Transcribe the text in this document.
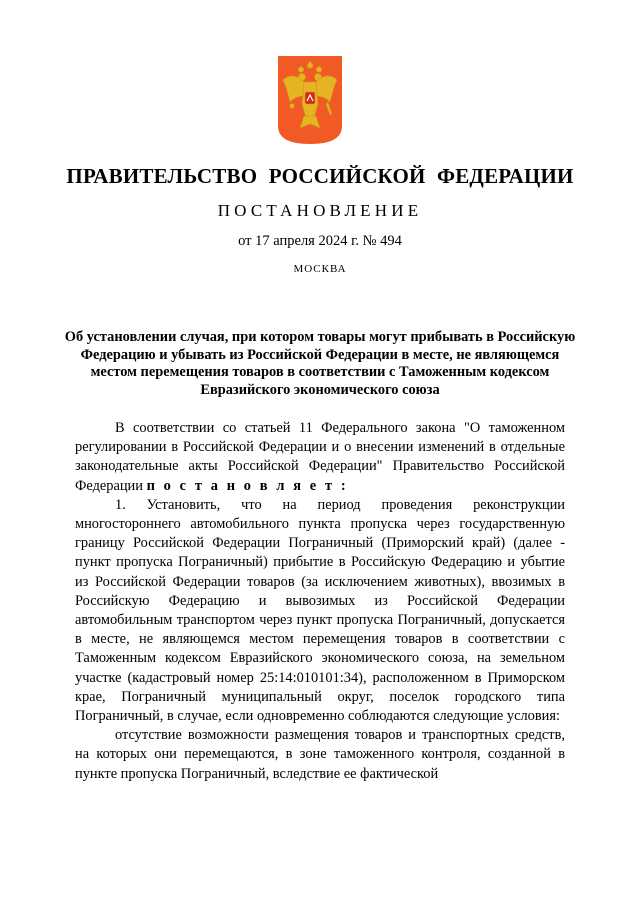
ПРАВИТЕЛЬСТВО РОССИЙСКОЙ ФЕДЕРАЦИИ
ПОСТАНОВЛЕНИЕ
от 17 апреля 2024 г. № 494
МОСКВА
Об установлении случая, при котором товары могут прибывать в Российскую Федерацию и убывать из Российской Федерации в месте, не являющемся местом перемещения товаров в соответствии с Таможенным кодексом Евразийского экономического союза

В соответствии со статьей 11 Федерального закона "О таможенном регулировании в Российской Федерации и о внесении изменений в отдельные законодательные акты Российской Федерации" Правительство Российской Федерации п о с т а н о в л я е т :

1. Установить, что на период проведения реконструкции многостороннего автомобильного пункта пропуска через государственную границу Российской Федерации Пограничный (Приморский край) (далее - пункт пропуска Пограничный) прибытие в Российскую Федерацию и убытие из Российской Федерации товаров (за исключением животных), ввозимых в Российскую Федерацию и вывозимых из Российской Федерации автомобильным транспортом через пункт пропуска Пограничный, допускается в месте, не являющемся местом перемещения товаров в соответствии с Таможенным кодексом Евразийского экономического союза, на земельном участке (кадастровый номер 25:14:010101:34), расположенном в Приморском крае, Пограничный муниципальный округ, поселок городского типа Пограничный, в случае, если одновременно соблюдаются следующие условия:

отсутствие возможности размещения товаров и транспортных средств, на которых они перемещаются, в зоне таможенного контроля, созданной в пункте пропуска Пограничный, вследствие ее фактической
